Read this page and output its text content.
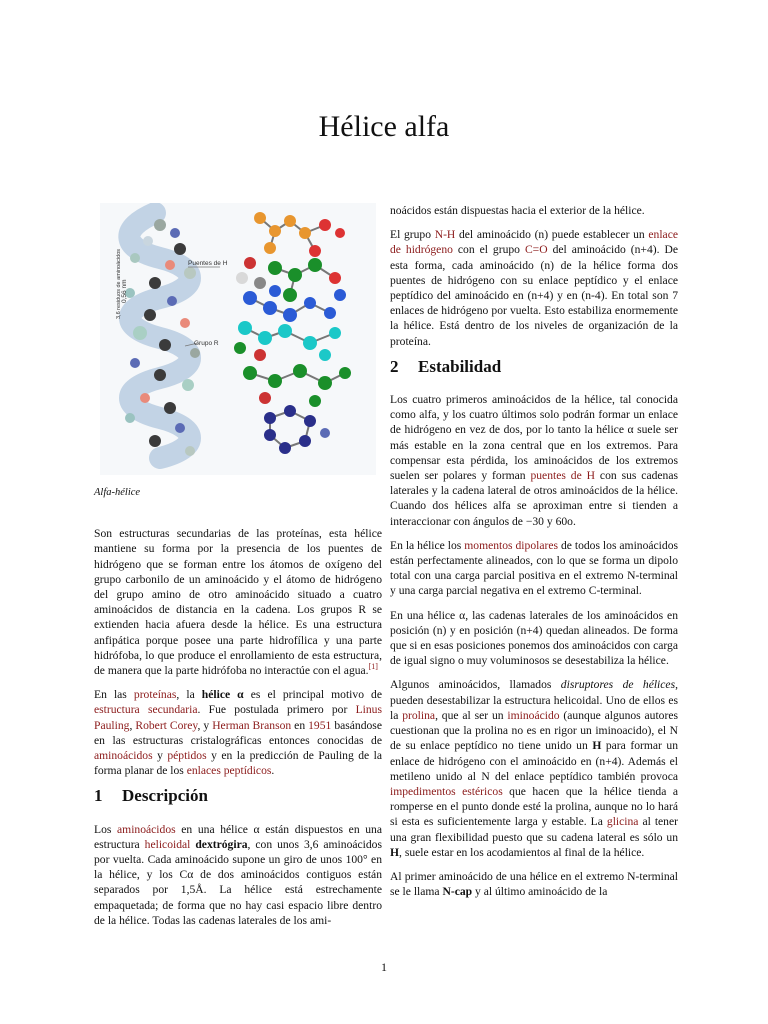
Hélice alfa
0,56 nm
3,6 residuos de aminoácidos	Puentes de H
Grupo R
Alfa-hélice

Son estructuras secundarias de las proteínas, esta hélice mantiene su forma por la presencia de los puentes de hidrógeno que se forman entre los átomos de oxígeno del grupo carbonilo de un aminoácido y el átomo de hidrógeno del grupo amino de otro aminoácido situado a cuatro aminoácidos de distancia en la cadena. Los grupos R se extienden hacia afuera desde la hélice. Es una estructura anfipática porque posee una parte hidrofílica y una parte hidrófoba, lo que produce el enrollamiento de esta estructura, de manera que la parte hidrófoba no interactúe con el agua.[1]

En las proteínas, la hélice α es el principal motivo de estructura secundaria. Fue postulada primero por Linus Pauling, Robert Corey, y Herman Branson en 1951 basándose en las estructuras cristalográficas entonces conocidas de aminoácidos y péptidos y en la predicción de Pauling de la forma planar de los enlaces peptídicos.

1 Descripción

Los aminoácidos en una hélice α están dispuestos en una estructura helicoidal dextrógira, con unos 3,6 aminoácidos por vuelta. Cada aminoácido supone un giro de unos 100° en la hélice, y los Cα de dos aminoácidos contiguos están separados por 1,5Å. La hélice está estrechamente empaquetada; de forma que no hay casi espacio libre dentro de la hélice. Todas las cadenas laterales de los ami-

noácidos están dispuestas hacia el exterior de la hélice.

El grupo N-H del aminoácido (n) puede establecer un enlace de hidrógeno con el grupo C=O del aminoácido (n+4). De esta forma, cada aminoácido (n) de la hélice forma dos puentes de hidrógeno con su enlace peptídico y el enlace peptídico del aminoácido en (n+4) y en (n-4). En total son 7 enlaces de hidrógeno por vuelta. Esto estabiliza enormemente la hélice. Está dentro de los niveles de organización de la proteína.

2 Estabilidad

Los cuatro primeros aminoácidos de la hélice, tal conocida como alfa, y los cuatro últimos solo podrán formar un enlace de hidrógeno en vez de dos, por lo tanto la hélice α suele ser más estable en la zona central que en los extremos. Para compensar esta pérdida, los aminoácidos de los extremos suelen ser polares y forman puentes de H con sus cadenas laterales y la cadena lateral de otros aminoácidos de la hélice. Cuando dos hélices alfa se aproximan entre si tienden a interaccionar con ángulos de −30 y 60o.

En la hélice los momentos dipolares de todos los aminoácidos están perfectamente alineados, con lo que se forma un dipolo total con una carga parcial positiva en el extremo N-terminal y una carga parcial negativa en el extremo C-terminal.

En una hélice α, las cadenas laterales de los aminoácidos en posición (n) y en posición (n+4) quedan alineados. De forma que si en esas posiciones ponemos dos aminoácidos con carga de igual signo o muy voluminosos se desestabiliza la hélice.

Algunos aminoácidos, llamados disruptores de hélices, pueden desestabilizar la estructura helicoidal. Uno de ellos es la prolina, que al ser un iminoácido (aunque algunos autores cuestionan que la prolina no es en rigor un iminoacido), el N de su enlace peptídico no tiene unido un H para formar un enlace de hidrógeno con el aminoácido en (n+4). Además el metileno unido al N del enlace peptídico también provoca impedimentos estéricos que hacen que la hélice tienda a romperse en el punto donde esté la prolina, aunque no lo hará si esta es suficientemente larga y estable. La glicina al tener una gran flexibilidad puesto que su cadena lateral es sólo un H, suele estar en los acodamientos al final de la hélice.

Al primer aminoácido de una hélice en el extremo N-terminal se le llama N-cap y al último aminoácido de la

1
